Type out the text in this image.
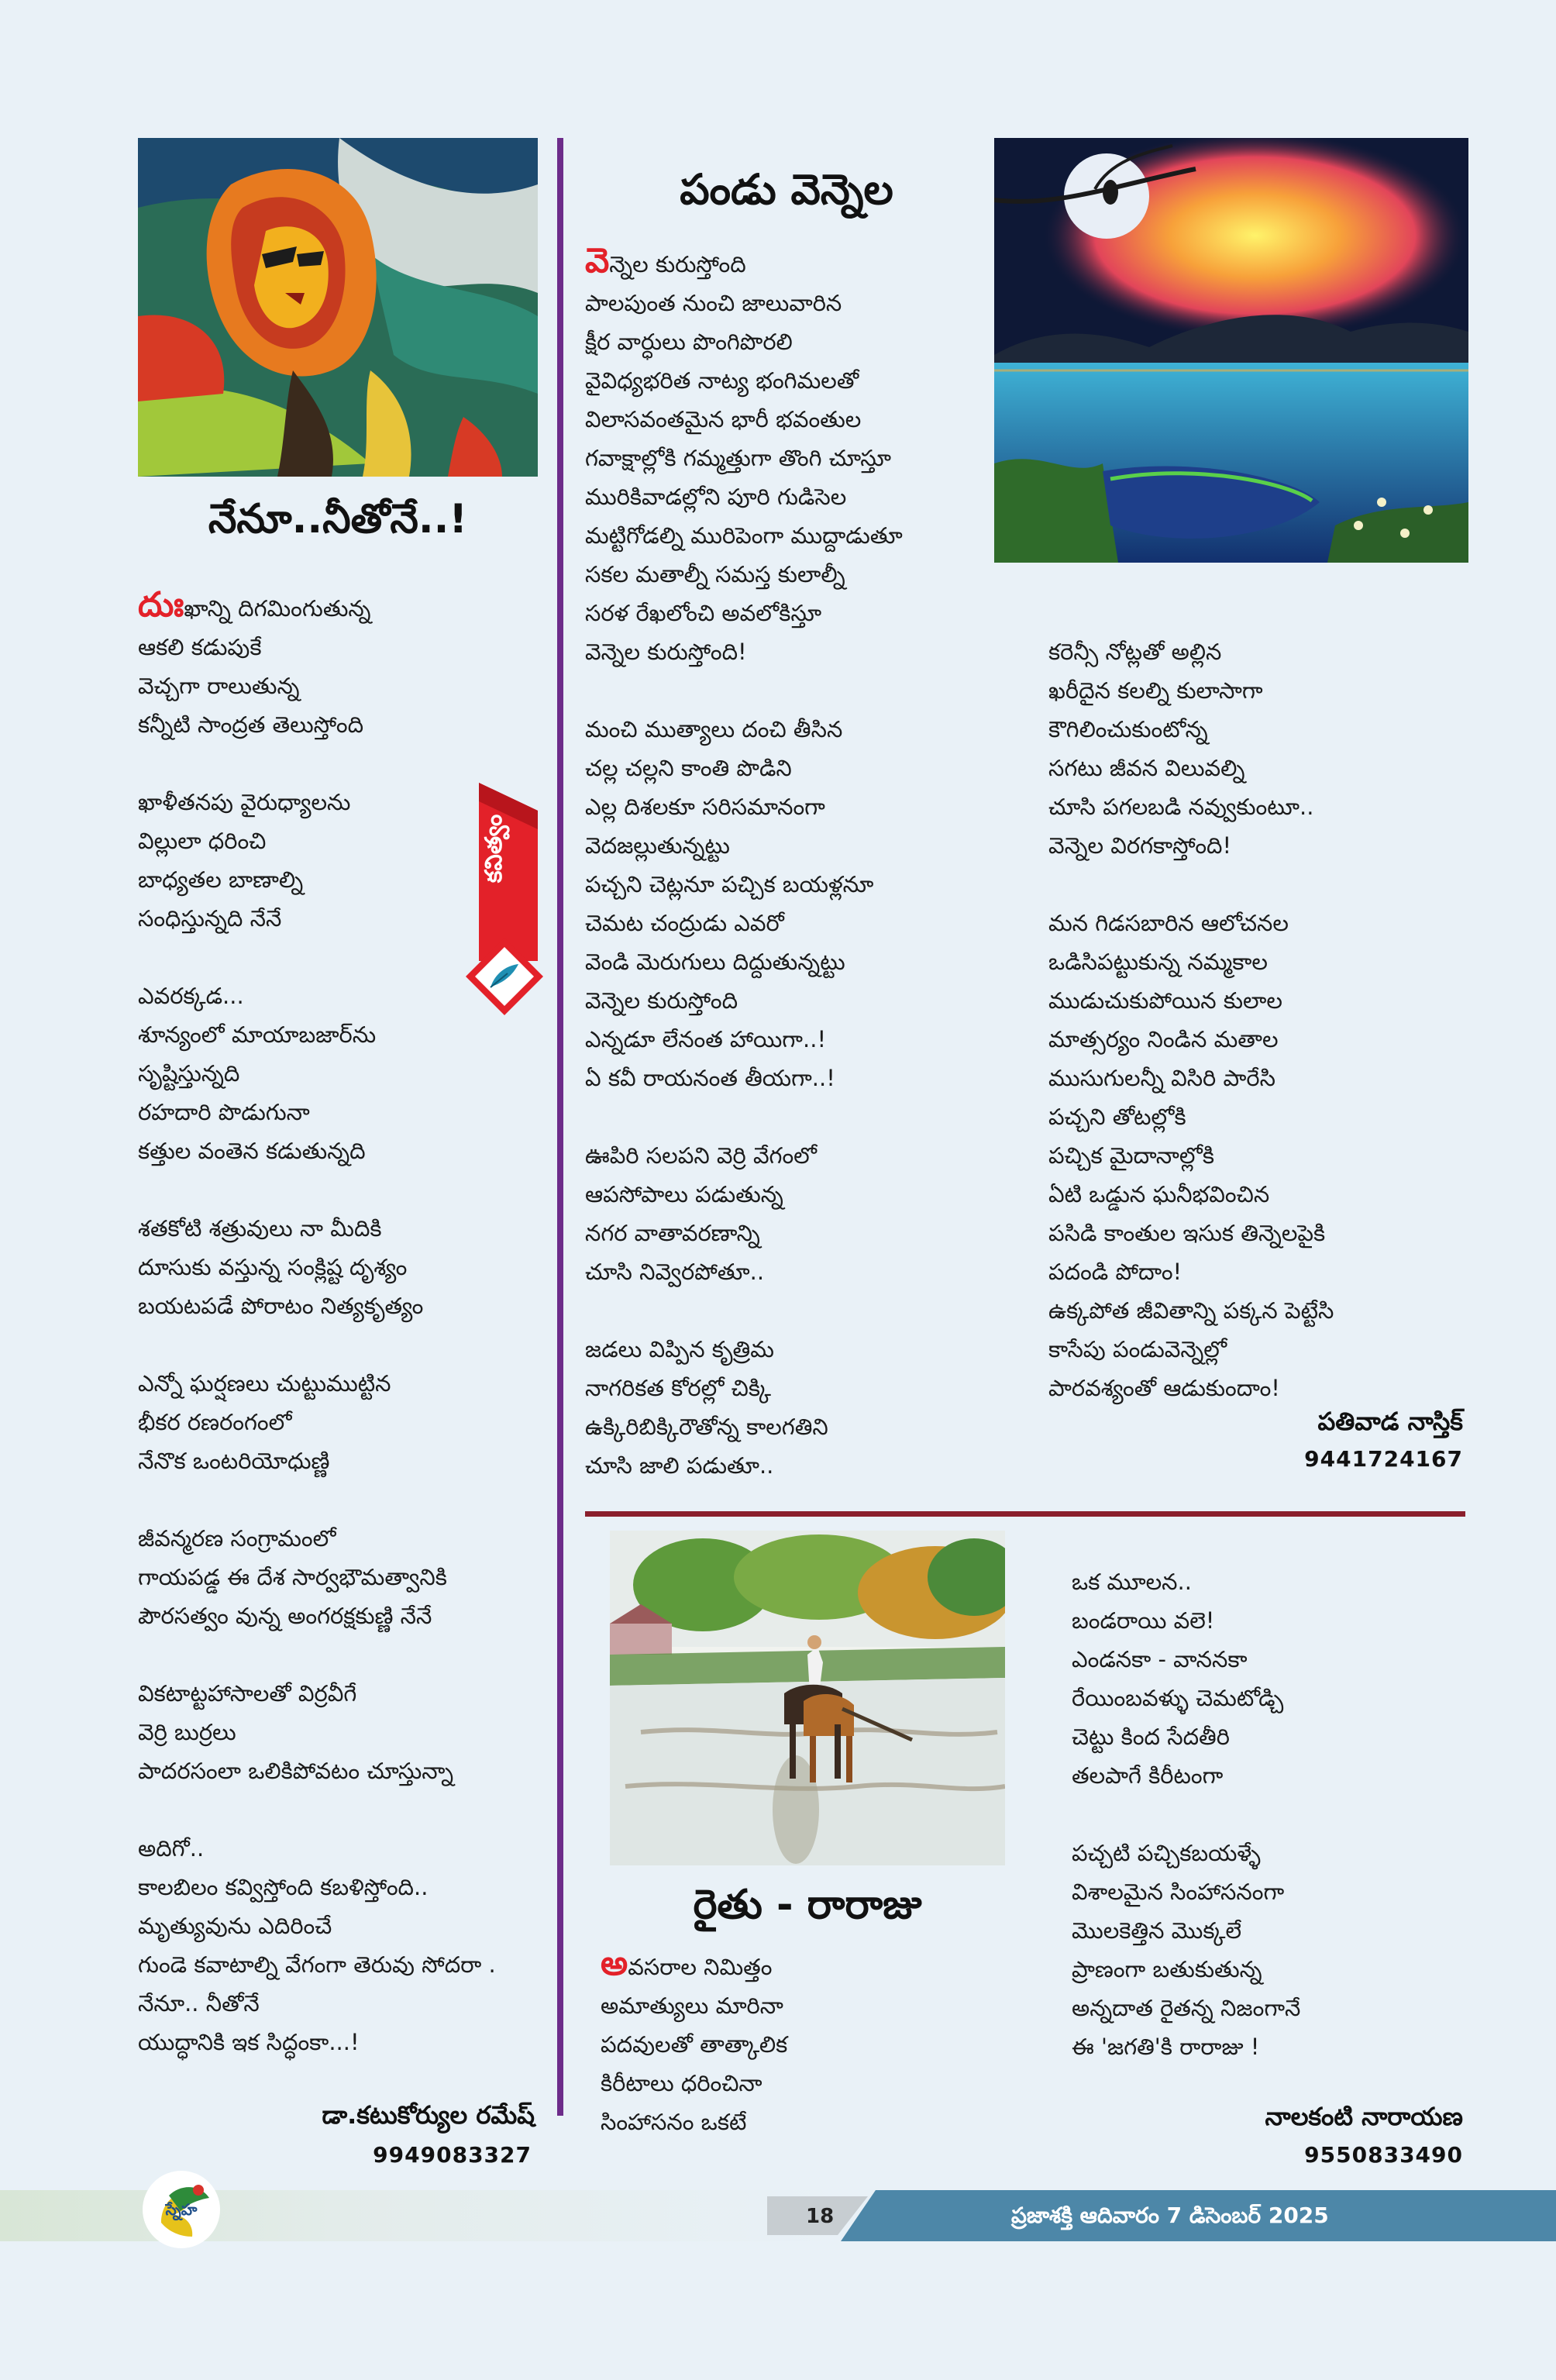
నేనూ..నీతోనే..!
దుఃఖాన్ని దిగమింగుతున్న
ఆకలి కడుపుకే
వెచ్చగా రాలుతున్న
కన్నీటి సాంద్రత తెలుస్తోంది
ఖాళీతనపు వైరుధ్యాలను
విల్లులా ధరించి
బాధ్యతల బాణాల్ని
సంధిస్తున్నది నేనే
ఎవరక్కడ...
శూన్యంలో మాయాబజార్‌ను
సృష్టిస్తున్నది
రహదారి పొడుగునా
కత్తుల వంతెన కడుతున్నది
శతకోటి శత్రువులు నా మీదికి
దూసుకు వస్తున్న సంక్లిష్ట దృశ్యం
బయటపడే పోరాటం నిత్యకృత్యం
ఎన్నో ఘర్షణలు చుట్టుముట్టిన
భీకర రణరంగంలో
నేనొక ఒంటరియోధుణ్ణి
జీవన్మరణ సంగ్రామంలో
గాయపడ్డ ఈ దేశ సార్వభౌమత్వానికి
పౌరసత్వం వున్న అంగరక్షకుణ్ణి నేనే
వికటాట్టహాసాలతో విర్రవీగే
వెర్రి బుర్రలు
పాదరసంలా ఒలికిపోవటం చూస్తున్నా
అదిగో..
కాలబిలం కవ్విస్తోంది కబళిస్తోంది..
మృత్యువును ఎదిరించే
గుండె కవాటాల్ని వేగంగా తెరువు సోదరా .
నేనూ.. నీతోనే
యుద్ధానికి ఇక సిద్ధంకా...!
డా.కటుకోర్యుల రమేష్
9949083327
కవిత్వం
పండు వెన్నెల
వెన్నెల కురుస్తోంది
పాలపుంత నుంచి జాలువారిన
క్షీర వార్ధులు పొంగిపొరలి
వైవిధ్యభరిత నాట్య భంగిమలతో
విలాసవంతమైన భారీ భవంతుల
గవాక్షాల్లోకి గమ్మత్తుగా తొంగి చూస్తూ
మురికివాడల్లోని పూరి గుడిసెల
మట్టిగోడల్ని మురిపెంగా ముద్దాడుతూ
సకల మతాల్నీ సమస్త కులాల్నీ
సరళ రేఖలోంచి అవలోకిస్తూ
వెన్నెల కురుస్తోంది!
మంచి ముత్యాలు దంచి తీసిన
చల్ల చల్లని కాంతి పొడిని
ఎల్ల దిశలకూ సరిసమానంగా
వెదజల్లుతున్నట్టు
పచ్చని చెట్లనూ పచ్చిక బయళ్లనూ
చెమట చంద్రుడు ఎవరో
వెండి మెరుగులు దిద్దుతున్నట్టు
వెన్నెల కురుస్తోంది
ఎన్నడూ లేనంత హాయిగా..!
ఏ కవీ రాయనంత తీయగా..!
ఊపిరి సలపని వెర్రి వేగంలో
ఆపసోపాలు పడుతున్న
నగర వాతావరణాన్ని
చూసి నివ్వెరపోతూ..
జడలు విప్పిన కృత్రిమ
నాగరికత కోరల్లో చిక్కి
ఉక్కిరిబిక్కిరౌతోన్న కాలగతిని
చూసి జాలి పడుతూ..
కరెన్సీ నోట్లతో అల్లిన
ఖరీదైన కలల్ని కులాసాగా
కౌగిలించుకుంటోన్న
సగటు జీవన విలువల్ని
చూసి పగలబడి నవ్వుకుంటూ..
వెన్నెల విరగకాస్తోంది!
మన గిడసబారిన ఆలోచనల
ఒడిసిపట్టుకున్న నమ్మకాల
ముడుచుకుపోయిన కులాల
మాత్సర్యం నిండిన మతాల
ముసుగులన్నీ విసిరి పారేసి
పచ్చని తోటల్లోకి
పచ్చిక మైదానాల్లోకి
ఏటి ఒడ్డున ఘనీభవించిన
పసిడి కాంతుల ఇసుక తిన్నెలపైకి
పదండి పోదాం!
ఉక్కపోత జీవితాన్ని పక్కన పెట్టేసి
కాసేపు పండువెన్నెల్లో
పారవశ్యంతో ఆడుకుందాం!
పతివాడ నాస్తిక్
9441724167
రైతు - రారాజు
అవసరాల నిమిత్తం
అమాత్యులు మారినా
పదవులతో తాత్కాలిక
కిరీటాలు ధరించినా
సింహాసనం ఒకటే
ఒక మూలన..
బండరాయి వలె!
ఎండనకా - వాననకా
రేయింబవళ్ళు చెమటోడ్చి
చెట్టు కింద సేదతీరి
తలపాగే కిరీటంగా
పచ్చటి పచ్చికబయళ్ళే
విశాలమైన సింహాసనంగా
మొలకెత్తిన మొక్కలే
ప్రాణంగా బతుకుతున్న
అన్నదాత రైతన్న నిజంగానే
ఈ 'జగతి'కి రారాజు !
నాలకంటి నారాయణ
9550833490
18	ప్రజాశక్తి ఆదివారం 7 డిసెంబర్ 2025
స్నేహ
